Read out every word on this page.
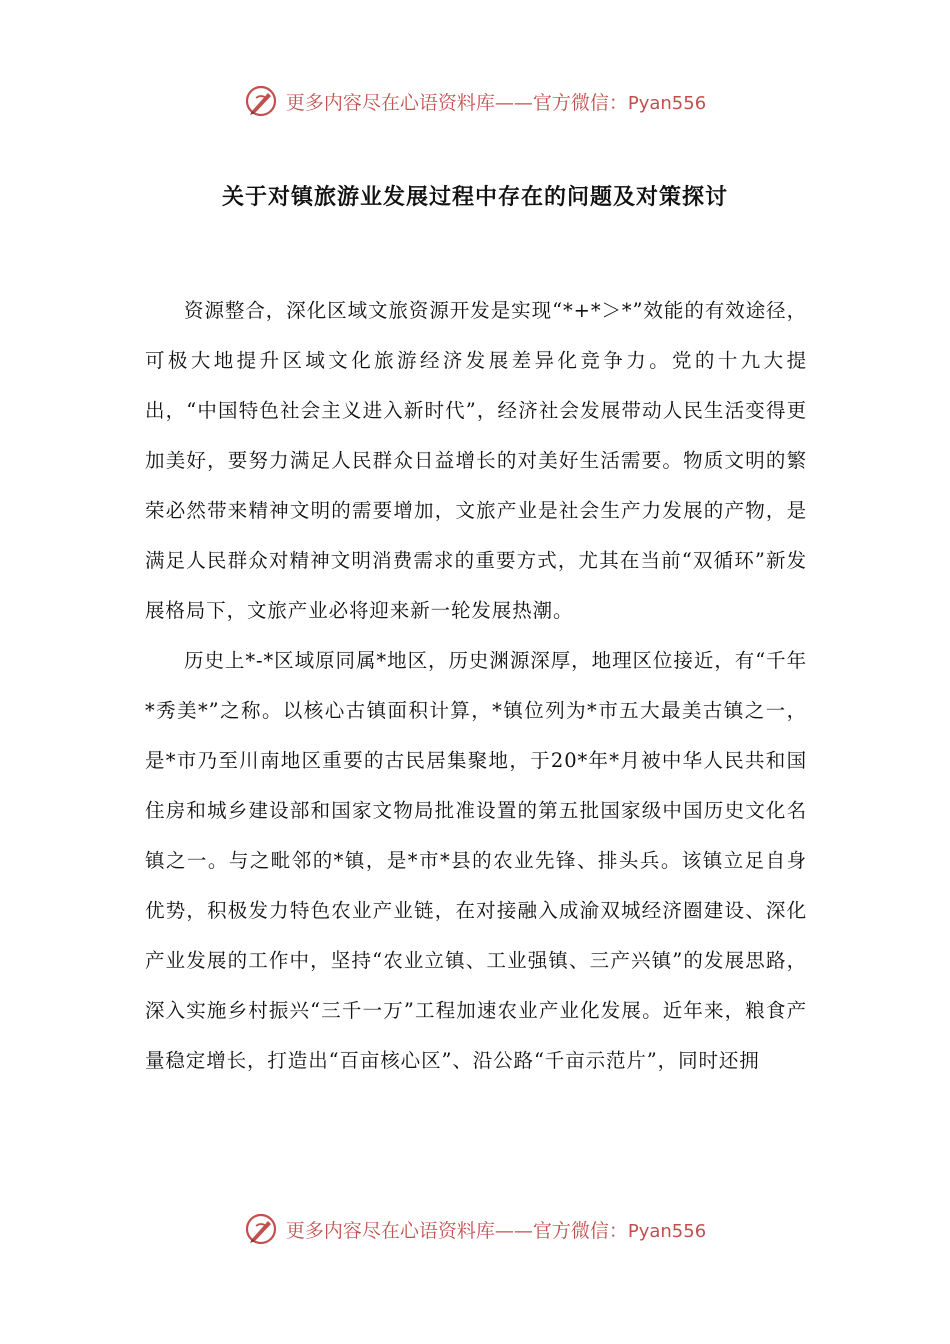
更多内容尽在心语资料库——官方微信：Pyan556
关于对镇旅游业发展过程中存在的问题及对策探讨

资源整合，深化区域文旅资源开发是实现“*+*＞*”效能的有效途径，可极大地提升区域文化旅游经济发展差异化竞争力。党的十九大提出，“中国特色社会主义进入新时代”，经济社会发展带动人民生活变得更加美好，要努力满足人民群众日益增长的对美好生活需要。物质文明的繁荣必然带来精神文明的需要增加，文旅产业是社会生产力发展的产物，是满足人民群众对精神文明消费需求的重要方式，尤其在当前“双循环”新发展格局下，文旅产业必将迎来新一轮发展热潮。

历史上*-*区域原同属*地区，历史渊源深厚，地理区位接近，有“千年*秀美*”之称。以核心古镇面积计算，*镇位列为*市五大最美古镇之一，是*市乃至川南地区重要的古民居集聚地，于20*年*月被中华人民共和国住房和城乡建设部和国家文物局批准设置的第五批国家级中国历史文化名镇之一。与之毗邻的*镇，是*市*县的农业先锋、排头兵。该镇立足自身优势，积极发力特色农业产业链，在对接融入成渝双城经济圈建设、深化产业发展的工作中，坚持“农业立镇、工业强镇、三产兴镇”的发展思路，深入实施乡村振兴“三千一万”工程加速农业产业化发展。近年来，粮食产量稳定增长，打造出“百亩核心区”、沿公路“千亩示范片”，同时还拥

更多内容尽在心语资料库——官方微信：Pyan556
